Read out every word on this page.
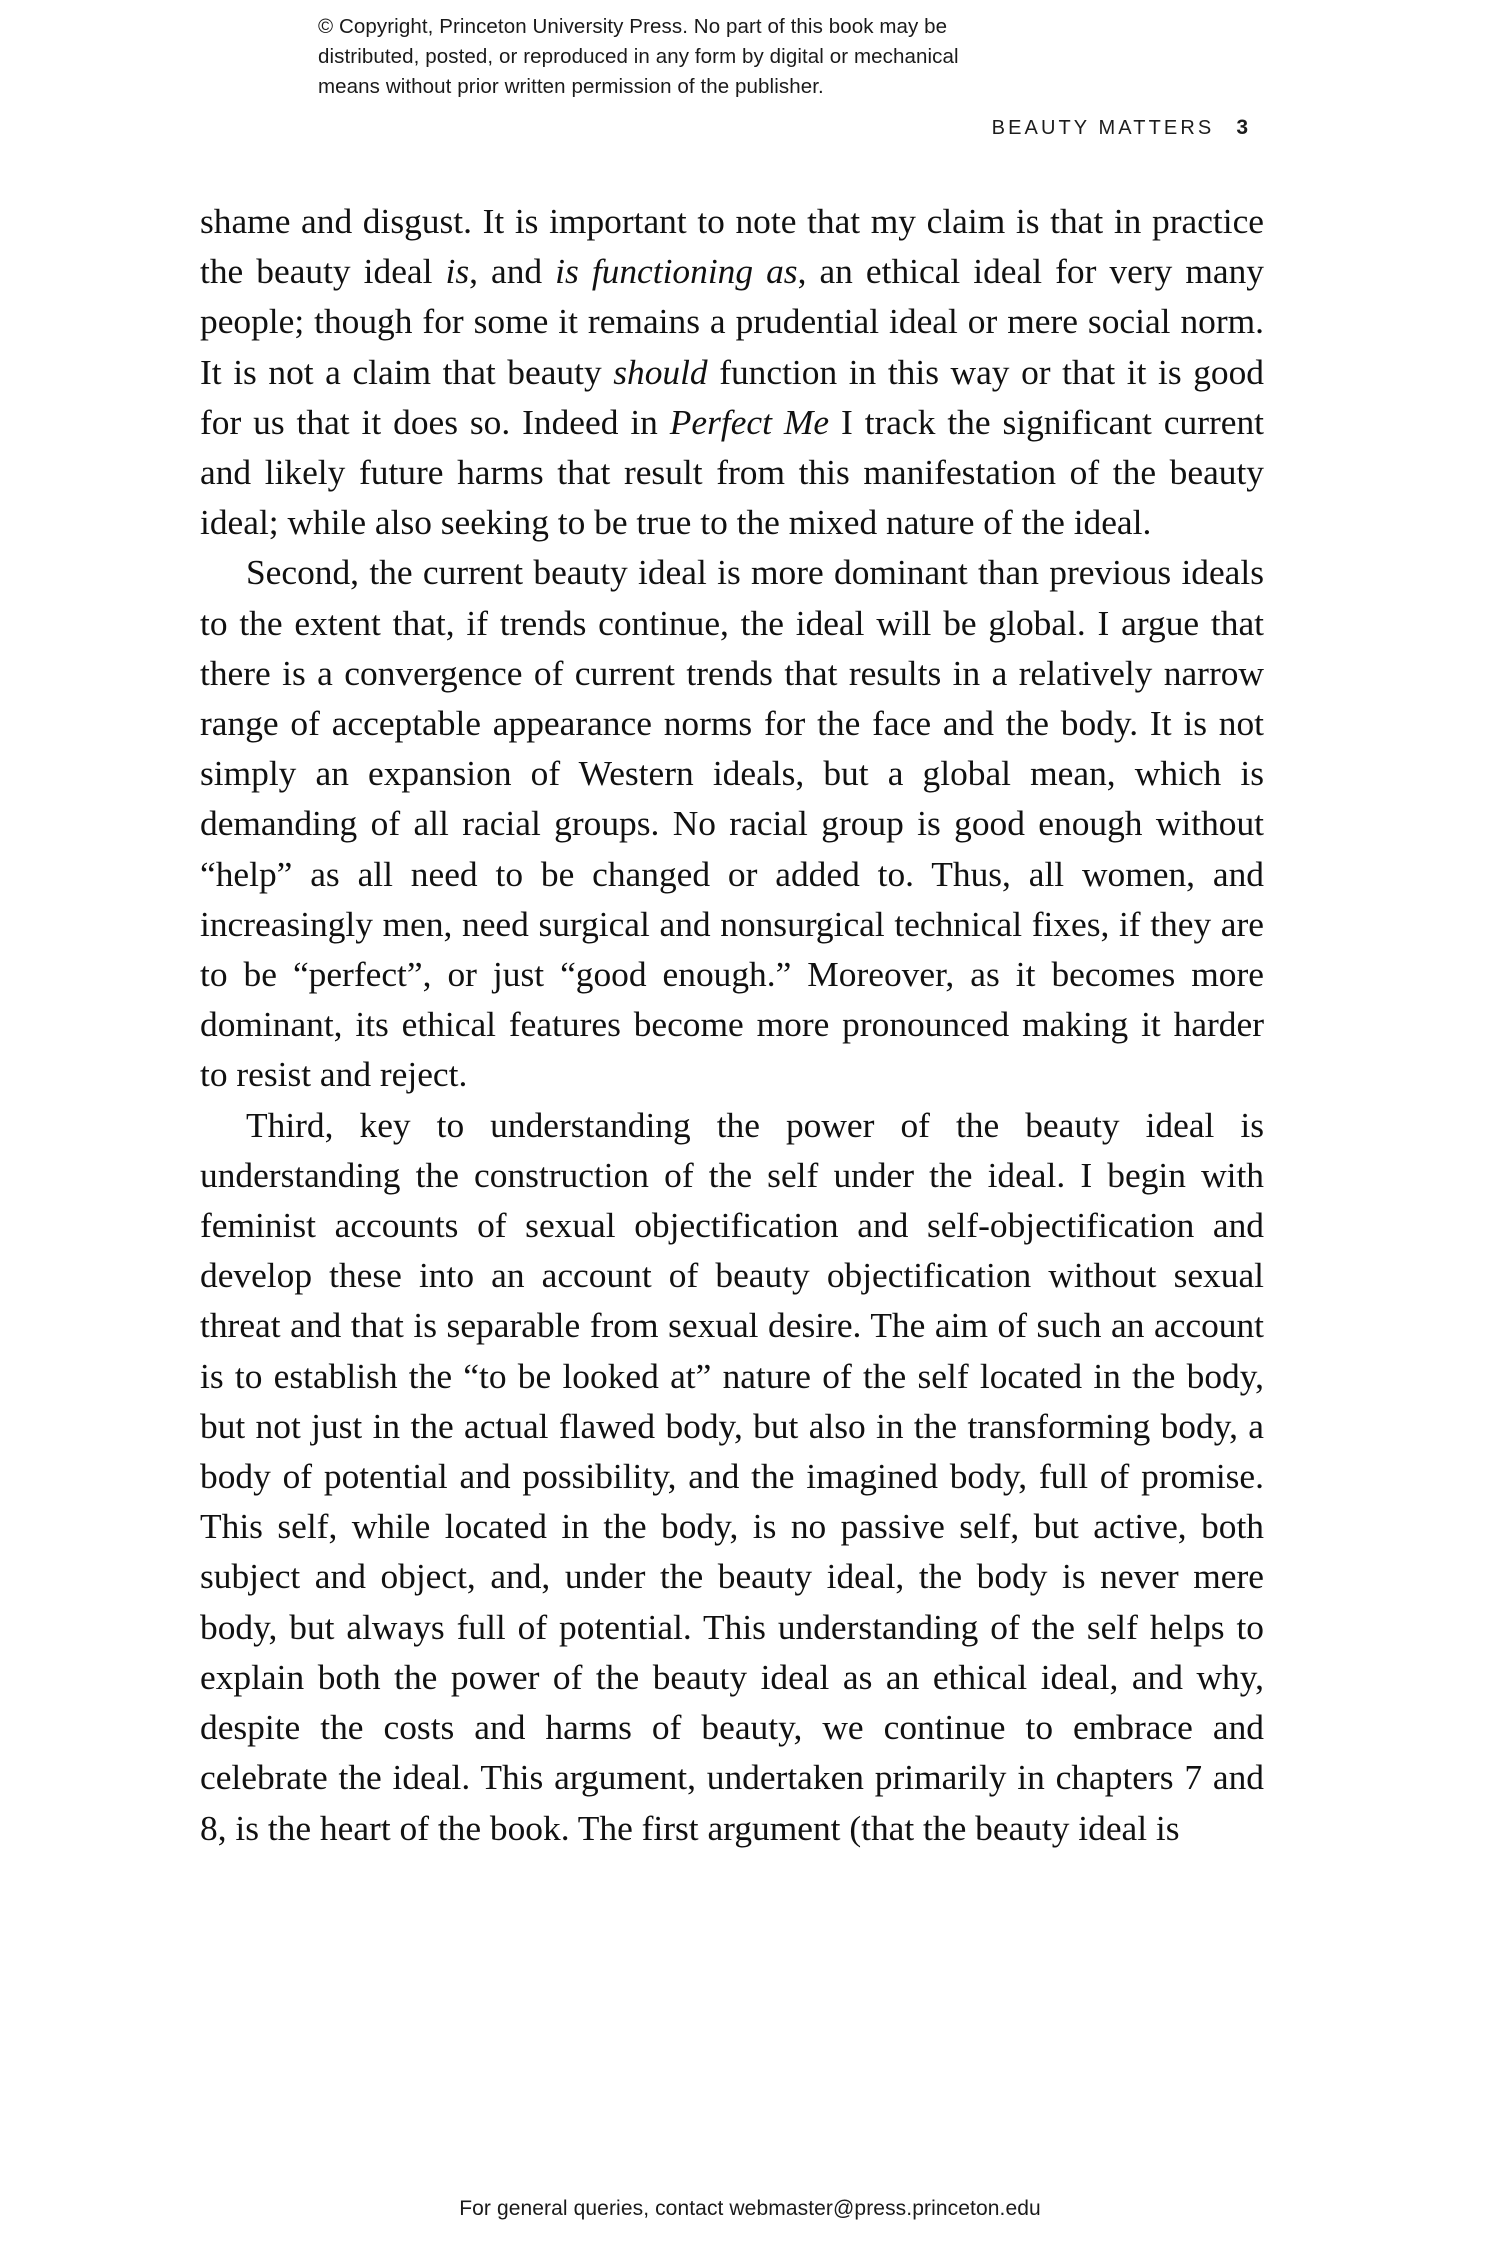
© Copyright, Princeton University Press. No part of this book may be
distributed, posted, or reproduced in any form by digital or mechanical
means without prior written permission of the publisher.
BEAUTY MATTERS 3

shame and disgust. It is important to note that my claim is that in practice the beauty ideal is, and is functioning as, an ethical ideal for very many people; though for some it remains a prudential ideal or mere social norm. It is not a claim that beauty should function in this way or that it is good for us that it does so. Indeed in Perfect Me I track the significant current and likely future harms that result from this manifestation of the beauty ideal; while also seeking to be true to the mixed nature of the ideal.

Second, the current beauty ideal is more dominant than previous ideals to the extent that, if trends continue, the ideal will be global. I argue that there is a convergence of current trends that results in a relatively narrow range of acceptable appearance norms for the face and the body. It is not simply an expansion of Western ideals, but a global mean, which is demanding of all racial groups. No racial group is good enough without “help” as all need to be changed or added to. Thus, all women, and increasingly men, need surgical and nonsurgical technical fixes, if they are to be “perfect”, or just “good enough.” Moreover, as it becomes more dominant, its ethical features become more pronounced making it harder to resist and reject.

Third, key to understanding the power of the beauty ideal is understanding the construction of the self under the ideal. I begin with feminist accounts of sexual objectification and self-objectification and develop these into an account of beauty objectification without sexual threat and that is separable from sexual desire. The aim of such an account is to establish the “to be looked at” nature of the self located in the body, but not just in the actual flawed body, but also in the transforming body, a body of potential and possibility, and the imagined body, full of promise. This self, while located in the body, is no passive self, but active, both subject and object, and, under the beauty ideal, the body is never mere body, but always full of potential. This understanding of the self helps to explain both the power of the beauty ideal as an ethical ideal, and why, despite the costs and harms of beauty, we continue to embrace and celebrate the ideal. This argument, undertaken primarily in chapters 7 and 8, is the heart of the book. The first argument (that the beauty ideal is

For general queries, contact webmaster@press.princeton.edu
